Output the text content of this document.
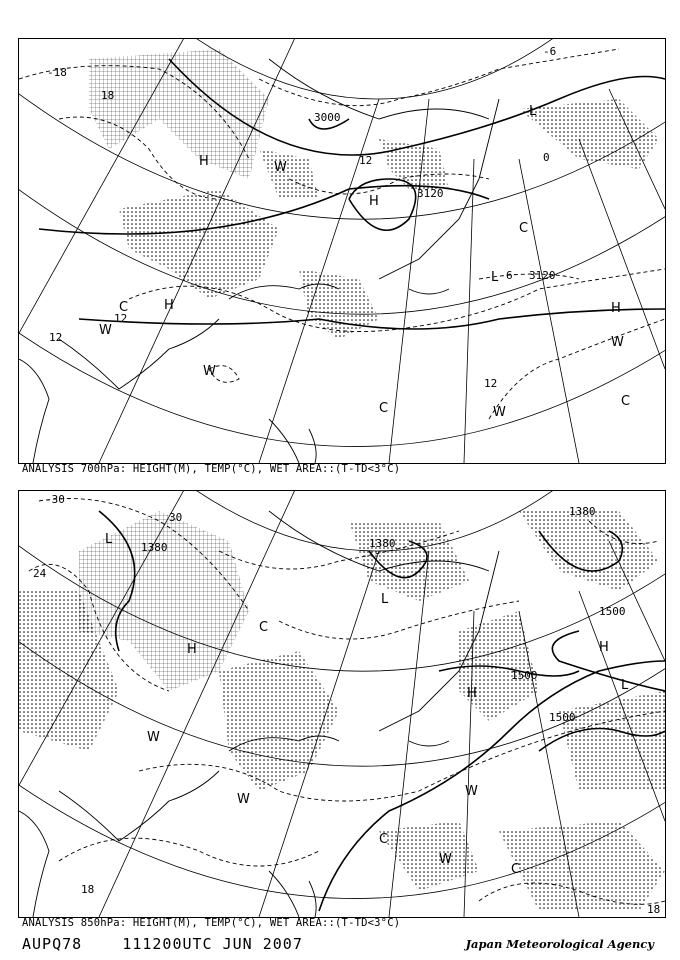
3000
3120
3120
-18
-6
0
6
12
12
12
12
18
H
H
H	H
L
L
C
C
C	C
W
W
W
W
W
ANALYSIS 700hPa: HEIGHT(M), TEMP(°C), WET AREA::(T-TD<3°C)
1380	1380
1380
1500
1500
1500
-30
30
24
18
18
H	H
H
L
L
L
C
C
C
W
W
W
W
ANALYSIS 850hPa: HEIGHT(M), TEMP(°C), WET AREA::(T-TD<3°C)
AUPQ78	111200UTC JUN 2007	Japan Meteorological Agency
